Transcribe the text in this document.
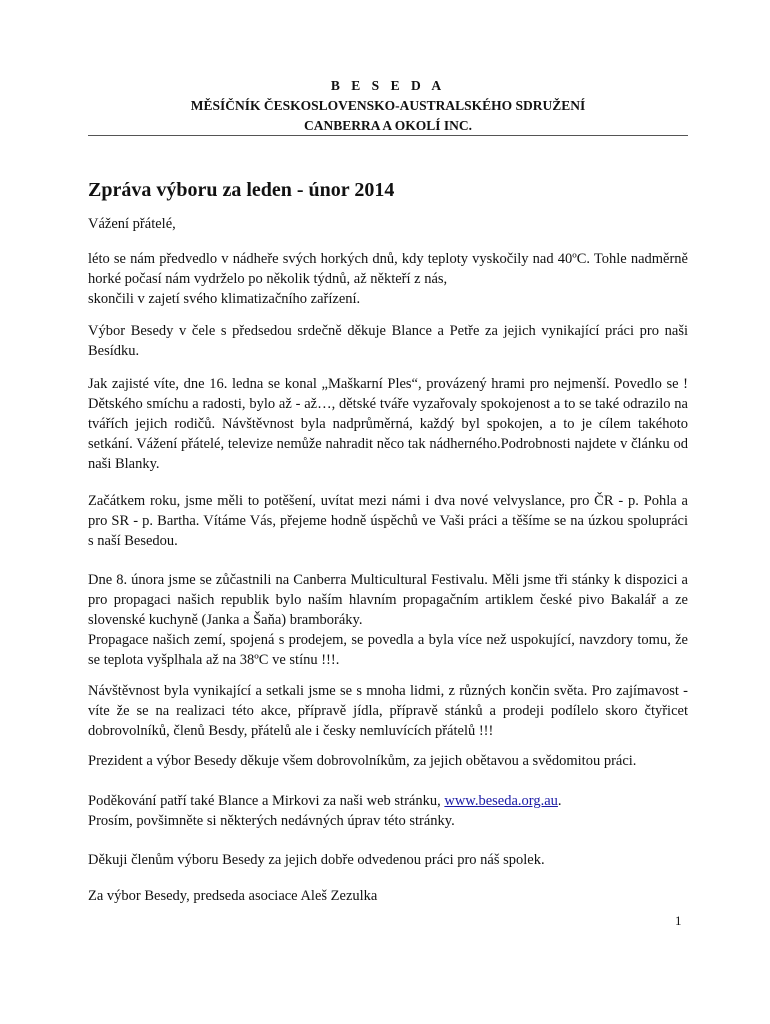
B E S E D A
MĚSÍČNÍK ČESKOSLOVENSKO-AUSTRALSKÉHO SDRUŽENÍ
CANBERRA A OKOLÍ INC.
Zpráva výboru za leden - únor 2014

Vážení přátelé,

léto se nám předvedlo v nádheře svých horkých dnů, kdy teploty vyskočily nad 40ºC. Tohle nadměrně horké počasí nám vydrželo po několik týdnů, až někteří z nás,
skončili v zajetí svého klimatizačního zařízení.

Výbor Besedy v čele s předsedou srdečně děkuje Blance a Petře za jejich vynikající práci pro naši Besídku.

Jak zajisté víte, dne 16. ledna se konal „Maškarní Ples“, provázený hrami pro nejmenší. Povedlo se ! Dětského smíchu a radosti, bylo až - až…, dětské tváře vyzařovaly spokojenost a to se také odrazilo na tvářích jejich rodičů. Návštěvnost byla nadprůměrná, každý byl spokojen, a to je cílem takéhoto setkání. Vážení přátelé, televize nemůže nahradit něco tak nádherného.Podrobnosti najdete v článku od naši Blanky.

Začátkem roku, jsme měli to potěšení, uvítat mezi námi i dva nové velvyslance, pro ČR - p. Pohla a pro SR - p. Bartha. Vítáme Vás, přejeme hodně úspěchů ve Vaši práci a těšíme se na úzkou spolupráci s naší Besedou.

Dne 8. února jsme se zůčastnili na Canberra Multicultural Festivalu. Měli jsme tři stánky k dispozici a pro propagaci našich republik bylo naším hlavním propagačním artiklem české pivo Bakalář a ze slovenské kuchyně (Janka a Šaňa) bramboráky.
Propagace našich zemí, spojená s prodejem, se povedla a byla více než uspokující, navzdory tomu, že se teplota vyšplhala až na 38ºC ve stínu !!!.

Návštěvnost byla vynikající a setkali jsme se s mnoha lidmi, z různých končin světa. Pro zajímavost - víte že se na realizaci této akce, přípravě jídla, přípravě stánků a prodeji podílelo skoro čtyřicet dobrovolníků, členů Besdy, přátelů ale i česky nemluvících přátelů !!!

Prezident a výbor Besedy děkuje všem dobrovolníkům, za jejich obětavou a svědomitou práci.

Poděkování patří také Blance a Mirkovi za naši web stránku, www.beseda.org.au.
Prosím, povšimněte si některých nedávných úprav této stránky.

Děkuji členům výboru Besedy za jejich dobře odvedenou práci pro náš spolek.

Za výbor Besedy, predseda asociace Aleš Zezulka

1
